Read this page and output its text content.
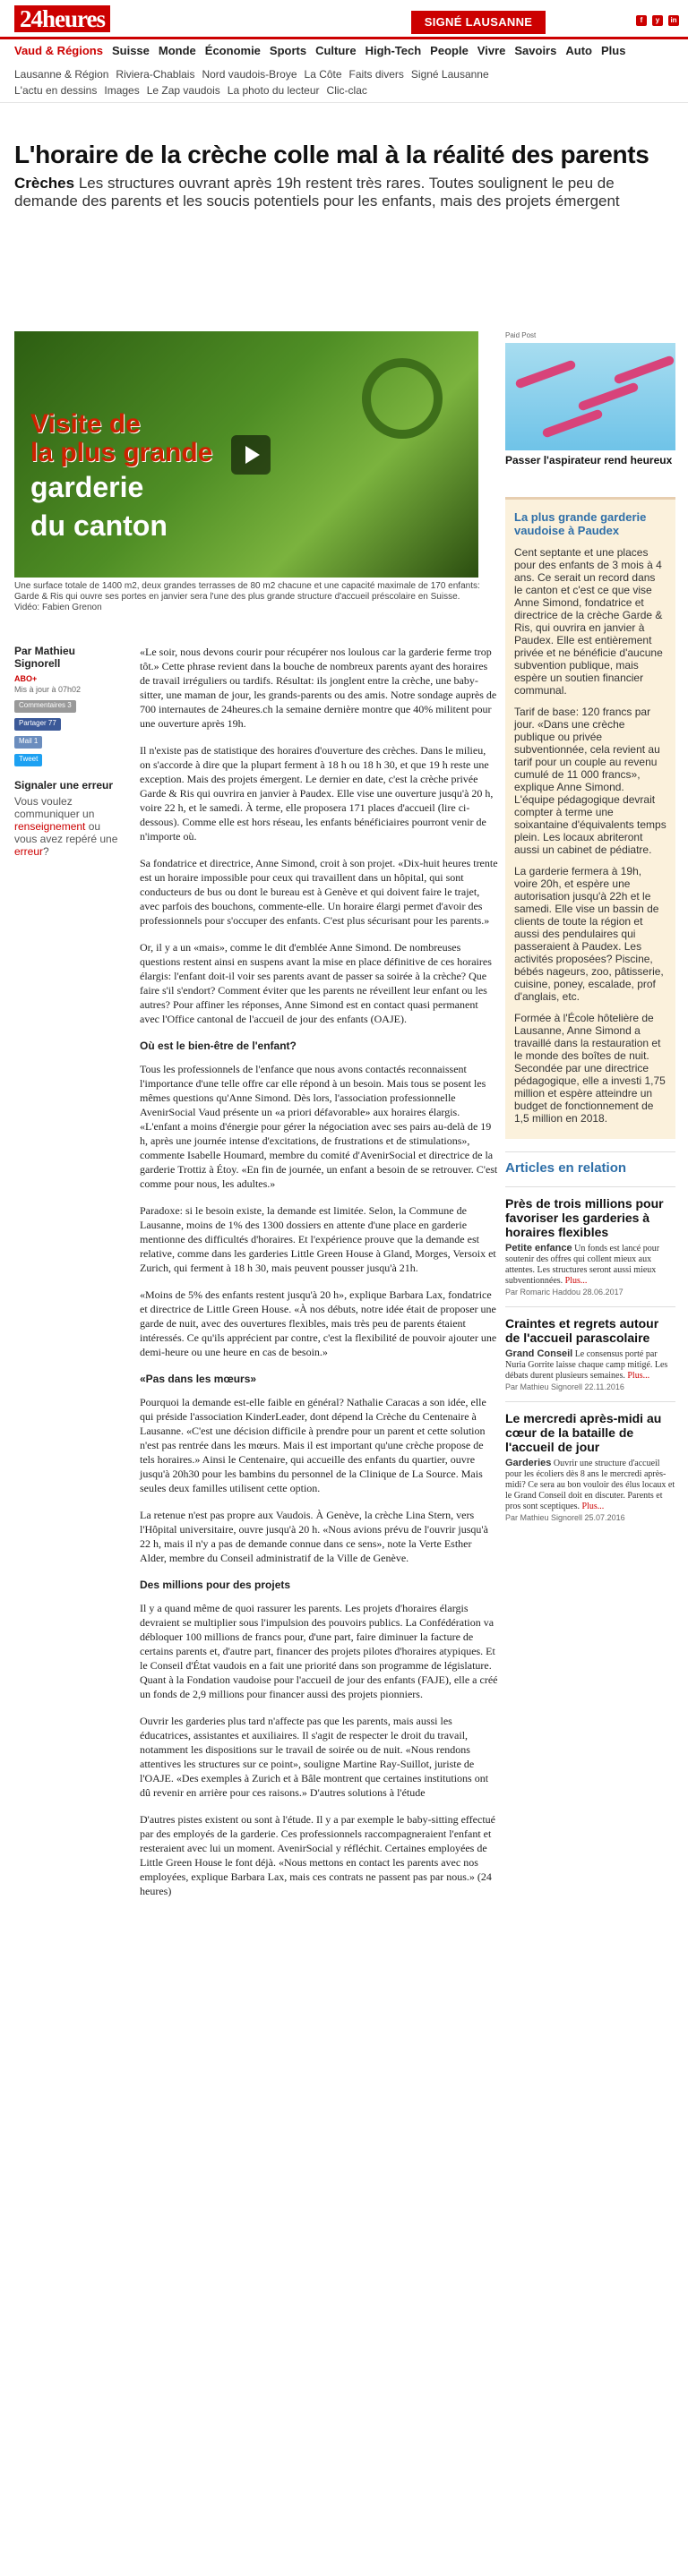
24heures	SIGNÉ LAUSANNE	f	y	in
Vaud & Régions Suisse Monde Économie Sports Culture High-Tech People Vivre Savoirs Auto Plus
Lausanne & Région Riviera-Chablais Nord vaudois-Broye La Côte Faits divers Signé Lausanne
L'actu en dessins Images Le Zap vaudois La photo du lecteur Clic-clac
L'horaire de la crèche colle mal à la réalité des parents

Crèches Les structures ouvrant après 19h restent très rares. Toutes soulignent le peu de demande des parents et les soucis potentiels pour les enfants, mais des projets émergent

Visite de
la plus grande
garderie
du canton

Une surface totale de 1400 m2, deux grandes terrasses de 80 m2 chacune et une capacité maximale de 170 enfants: Garde & Ris qui ouvre ses portes en janvier sera l'une des plus grande structure d'accueil préscolaire en Suisse. Vidéo: Fabien Grenon

Par Mathieu Signorell
ABO+
Mis à jour à 07h02
Commentaires 3
Partager 77
Mail 1
Tweet
Signaler une erreur
Vous voulez communiquer un renseignement ou vous avez repéré une erreur?

«Le soir, nous devons courir pour récupérer nos loulous car la garderie ferme trop tôt.» Cette phrase revient dans la bouche de nombreux parents ayant des horaires de travail irréguliers ou tardifs. Résultat: ils jonglent entre la crèche, une baby-sitter, une maman de jour, les grands-parents ou des amis. Notre sondage auprès de 700 internautes de 24heures.ch la semaine dernière montre que 40% militent pour une ouverture après 19h.

Il n'existe pas de statistique des horaires d'ouverture des crèches. Dans le milieu, on s'accorde à dire que la plupart ferment à 18 h ou 18 h 30, et que 19 h reste une exception. Mais des projets émergent. Le dernier en date, c'est la crèche privée Garde & Ris qui ouvrira en janvier à Paudex. Elle vise une ouverture jusqu'à 20 h, voire 22 h, et le samedi. À terme, elle proposera 171 places d'accueil (lire ci-dessous). Comme elle est hors réseau, les enfants bénéficiaires pourront venir de n'importe où.

Sa fondatrice et directrice, Anne Simond, croit à son projet. «Dix-huit heures trente est un horaire impossible pour ceux qui travaillent dans un hôpital, qui sont conducteurs de bus ou dont le bureau est à Genève et qui doivent faire le trajet, avec parfois des bouchons, commente-elle. Un horaire élargi permet d'avoir des professionnels pour s'occuper des enfants. C'est plus sécurisant pour les parents.»

Or, il y a un «mais», comme le dit d'emblée Anne Simond. De nombreuses questions restent ainsi en suspens avant la mise en place définitive de ces horaires élargis: l'enfant doit-il voir ses parents avant de passer sa soirée à la crèche? Que faire s'il s'endort? Comment éviter que les parents ne réveillent leur enfant ou les autres? Pour affiner les réponses, Anne Simond est en contact quasi permanent avec l'Office cantonal de l'accueil de jour des enfants (OAJE).

Où est le bien-être de l'enfant?

Tous les professionnels de l'enfance que nous avons contactés reconnaissent l'importance d'une telle offre car elle répond à un besoin. Mais tous se posent les mêmes questions qu'Anne Simond. Dès lors, l'association professionnelle AvenirSocial Vaud présente un «a priori défavorable» aux horaires élargis. «L'enfant a moins d'énergie pour gérer la négociation avec ses pairs au-delà de 19 h, après une journée intense d'excitations, de frustrations et de stimulations», commente Isabelle Houmard, membre du comité d'AvenirSocial et directrice de la garderie Trottiz à Étoy. «En fin de journée, un enfant a besoin de se retrouver. C'est comme pour nous, les adultes.»

Paradoxe: si le besoin existe, la demande est limitée. Selon, la Commune de Lausanne, moins de 1% des 1300 dossiers en attente d'une place en garderie mentionne des difficultés d'horaires. Et l'expérience prouve que la demande est relative, comme dans les garderies Little Green House à Gland, Morges, Versoix et Zurich, qui ferment à 18 h 30, mais peuvent pousser jusqu'à 21h.

«Moins de 5% des enfants restent jusqu'à 20 h», explique Barbara Lax, fondatrice et directrice de Little Green House. «À nos débuts, notre idée était de proposer une garde de nuit, avec des ouvertures flexibles, mais très peu de parents étaient intéressés. Ce qu'ils apprécient par contre, c'est la flexibilité de pouvoir ajouter une demi-heure ou une heure en cas de besoin.»

«Pas dans les mœurs»

Pourquoi la demande est-elle faible en général? Nathalie Caracas a son idée, elle qui préside l'association KinderLeader, dont dépend la Crèche du Centenaire à Lausanne. «C'est une décision difficile à prendre pour un parent et cette solution n'est pas rentrée dans les mœurs. Mais il est important qu'une crèche propose de tels horaires.» Ainsi le Centenaire, qui accueille des enfants du quartier, ouvre jusqu'à 20h30 pour les bambins du personnel de la Clinique de La Source. Mais seules deux familles utilisent cette option.

La retenue n'est pas propre aux Vaudois. À Genève, la crèche Lina Stern, vers l'Hôpital universitaire, ouvre jusqu'à 20 h. «Nous avions prévu de l'ouvrir jusqu'à 22 h, mais il n'y a pas de demande connue dans ce sens», note la Verte Esther Alder, membre du Conseil administratif de la Ville de Genève.

Des millions pour des projets

Il y a quand même de quoi rassurer les parents. Les projets d'horaires élargis devraient se multiplier sous l'impulsion des pouvoirs publics. La Confédération va débloquer 100 millions de francs pour, d'une part, faire diminuer la facture de certains parents et, d'autre part, financer des projets pilotes d'horaires atypiques. Et le Conseil d'État vaudois en a fait une priorité dans son programme de législature. Quant à la Fondation vaudoise pour l'accueil de jour des enfants (FAJE), elle a créé un fonds de 2,9 millions pour financer aussi des projets pionniers.

Ouvrir les garderies plus tard n'affecte pas que les parents, mais aussi les éducatrices, assistantes et auxiliaires. Il s'agit de respecter le droit du travail, notamment les dispositions sur le travail de soirée ou de nuit. «Nous rendons attentives les structures sur ce point», souligne Martine Ray-Suillot, juriste de l'OAJE. «Des exemples à Zurich et à Bâle montrent que certaines institutions ont dû revenir en arrière pour ces raisons.» D'autres solutions à l'étude

D'autres pistes existent ou sont à l'étude. Il y a par exemple le baby-sitting effectué par des employés de la garderie. Ces professionnels raccompagneraient l'enfant et resteraient avec lui un moment. AvenirSocial y réfléchit. Certaines employées de Little Green House le font déjà. «Nous mettons en contact les parents avec nos employées, explique Barbara Lax, mais ces contrats ne passent pas par nous.» (24 heures)

Paid Post
Passer l'aspirateur rend heureux
La plus grande garderie vaudoise à Paudex

Cent septante et une places pour des enfants de 3 mois à 4 ans. Ce serait un record dans le canton et c'est ce que vise Anne Simond, fondatrice et directrice de la crèche Garde & Ris, qui ouvrira en janvier à Paudex. Elle est entièrement privée et ne bénéficie d'aucune subvention publique, mais espère un soutien financier communal.

Tarif de base: 120 francs par jour. «Dans une crèche publique ou privée subventionnée, cela revient au tarif pour un couple au revenu cumulé de 11 000 francs», explique Anne Simond. L'équipe pédagogique devrait compter à terme une soixantaine d'équivalents temps plein. Les locaux abriteront aussi un cabinet de pédiatre.

La garderie fermera à 19h, voire 20h, et espère une autorisation jusqu'à 22h et le samedi. Elle vise un bassin de clients de toute la région et aussi des pendulaires qui passeraient à Paudex. Les activités proposées? Piscine, bébés nageurs, zoo, pâtisserie, cuisine, poney, escalade, prof d'anglais, etc.

Formée à l'École hôtelière de Lausanne, Anne Simond a travaillé dans la restauration et le monde des boîtes de nuit. Secondée par une directrice pédagogique, elle a investi 1,75 million et espère atteindre un budget de fonctionnement de 1,5 million en 2018.

Articles en relation
Près de trois millions pour favoriser les garderies à horaires flexibles
Petite enfance Un fonds est lancé pour soutenir des offres qui collent mieux aux attentes. Les structures seront aussi mieux subventionnées. Plus...
Par Romaric Haddou 28.06.2017
Craintes et regrets autour de l'accueil parascolaire
Grand Conseil Le consensus porté par Nuria Gorrite laisse chaque camp mitigé. Les débats durent plusieurs semaines. Plus...
Par Mathieu Signorell 22.11.2016
Le mercredi après-midi au cœur de la bataille de l'accueil de jour
Garderies Ouvrir une structure d'accueil pour les écoliers dès 8 ans le mercredi après-midi? Ce sera au bon vouloir des élus locaux et le Grand Conseil doit en discuter. Parents et pros sont sceptiques. Plus...
Par Mathieu Signorell 25.07.2016
